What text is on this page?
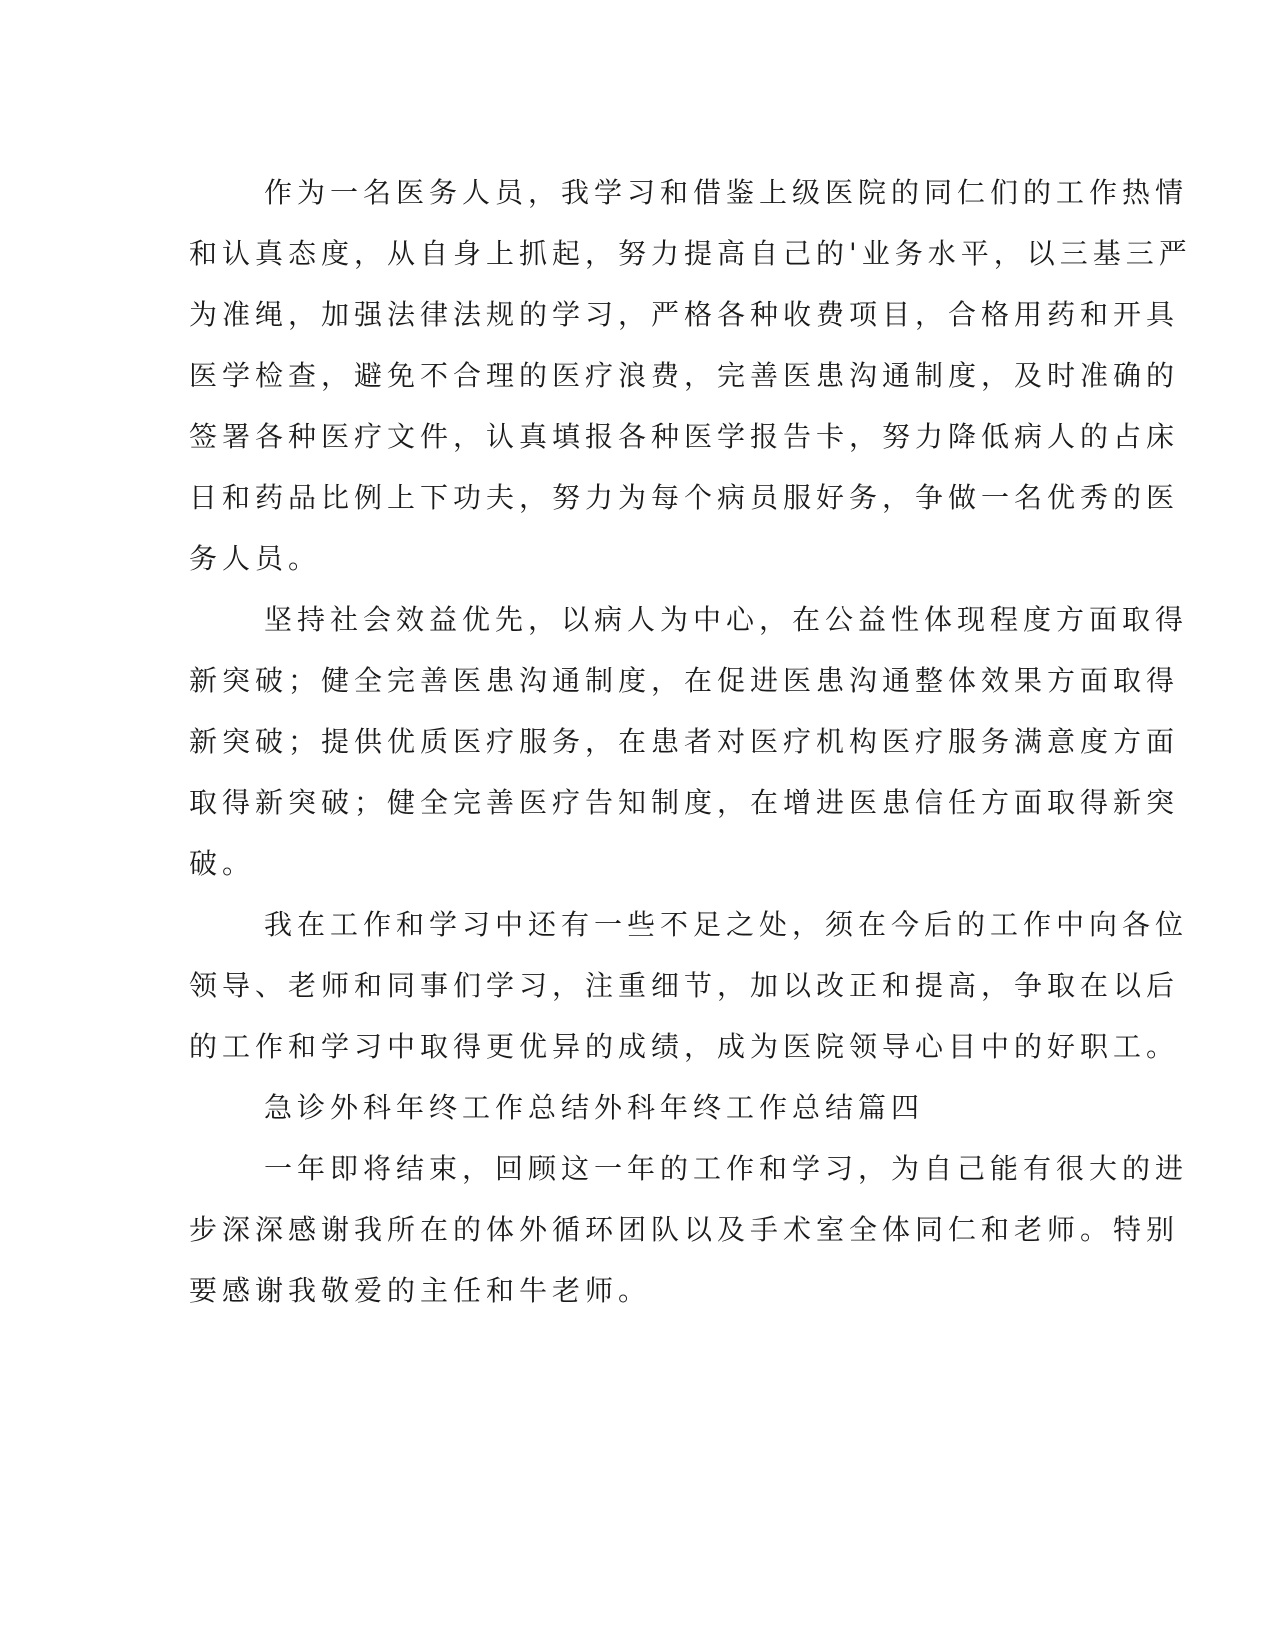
作为一名医务人员，我学习和借鉴上级医院的同仁们的工作热情
和认真态度，从自身上抓起，努力提高自己的'业务水平，以三基三严
为准绳，加强法律法规的学习，严格各种收费项目，合格用药和开具
医学检查，避免不合理的医疗浪费，完善医患沟通制度，及时准确的
签署各种医疗文件，认真填报各种医学报告卡，努力降低病人的占床
日和药品比例上下功夫，努力为每个病员服好务，争做一名优秀的医
务人员。
坚持社会效益优先，以病人为中心，在公益性体现程度方面取得
新突破；健全完善医患沟通制度，在促进医患沟通整体效果方面取得
新突破；提供优质医疗服务，在患者对医疗机构医疗服务满意度方面
取得新突破；健全完善医疗告知制度，在增进医患信任方面取得新突
破。
我在工作和学习中还有一些不足之处，须在今后的工作中向各位
领导、老师和同事们学习，注重细节，加以改正和提高，争取在以后
的工作和学习中取得更优异的成绩，成为医院领导心目中的好职工。
急诊外科年终工作总结外科年终工作总结篇四
一年即将结束，回顾这一年的工作和学习，为自己能有很大的进
步深深感谢我所在的体外循环团队以及手术室全体同仁和老师。特别
要感谢我敬爱的主任和牛老师。
